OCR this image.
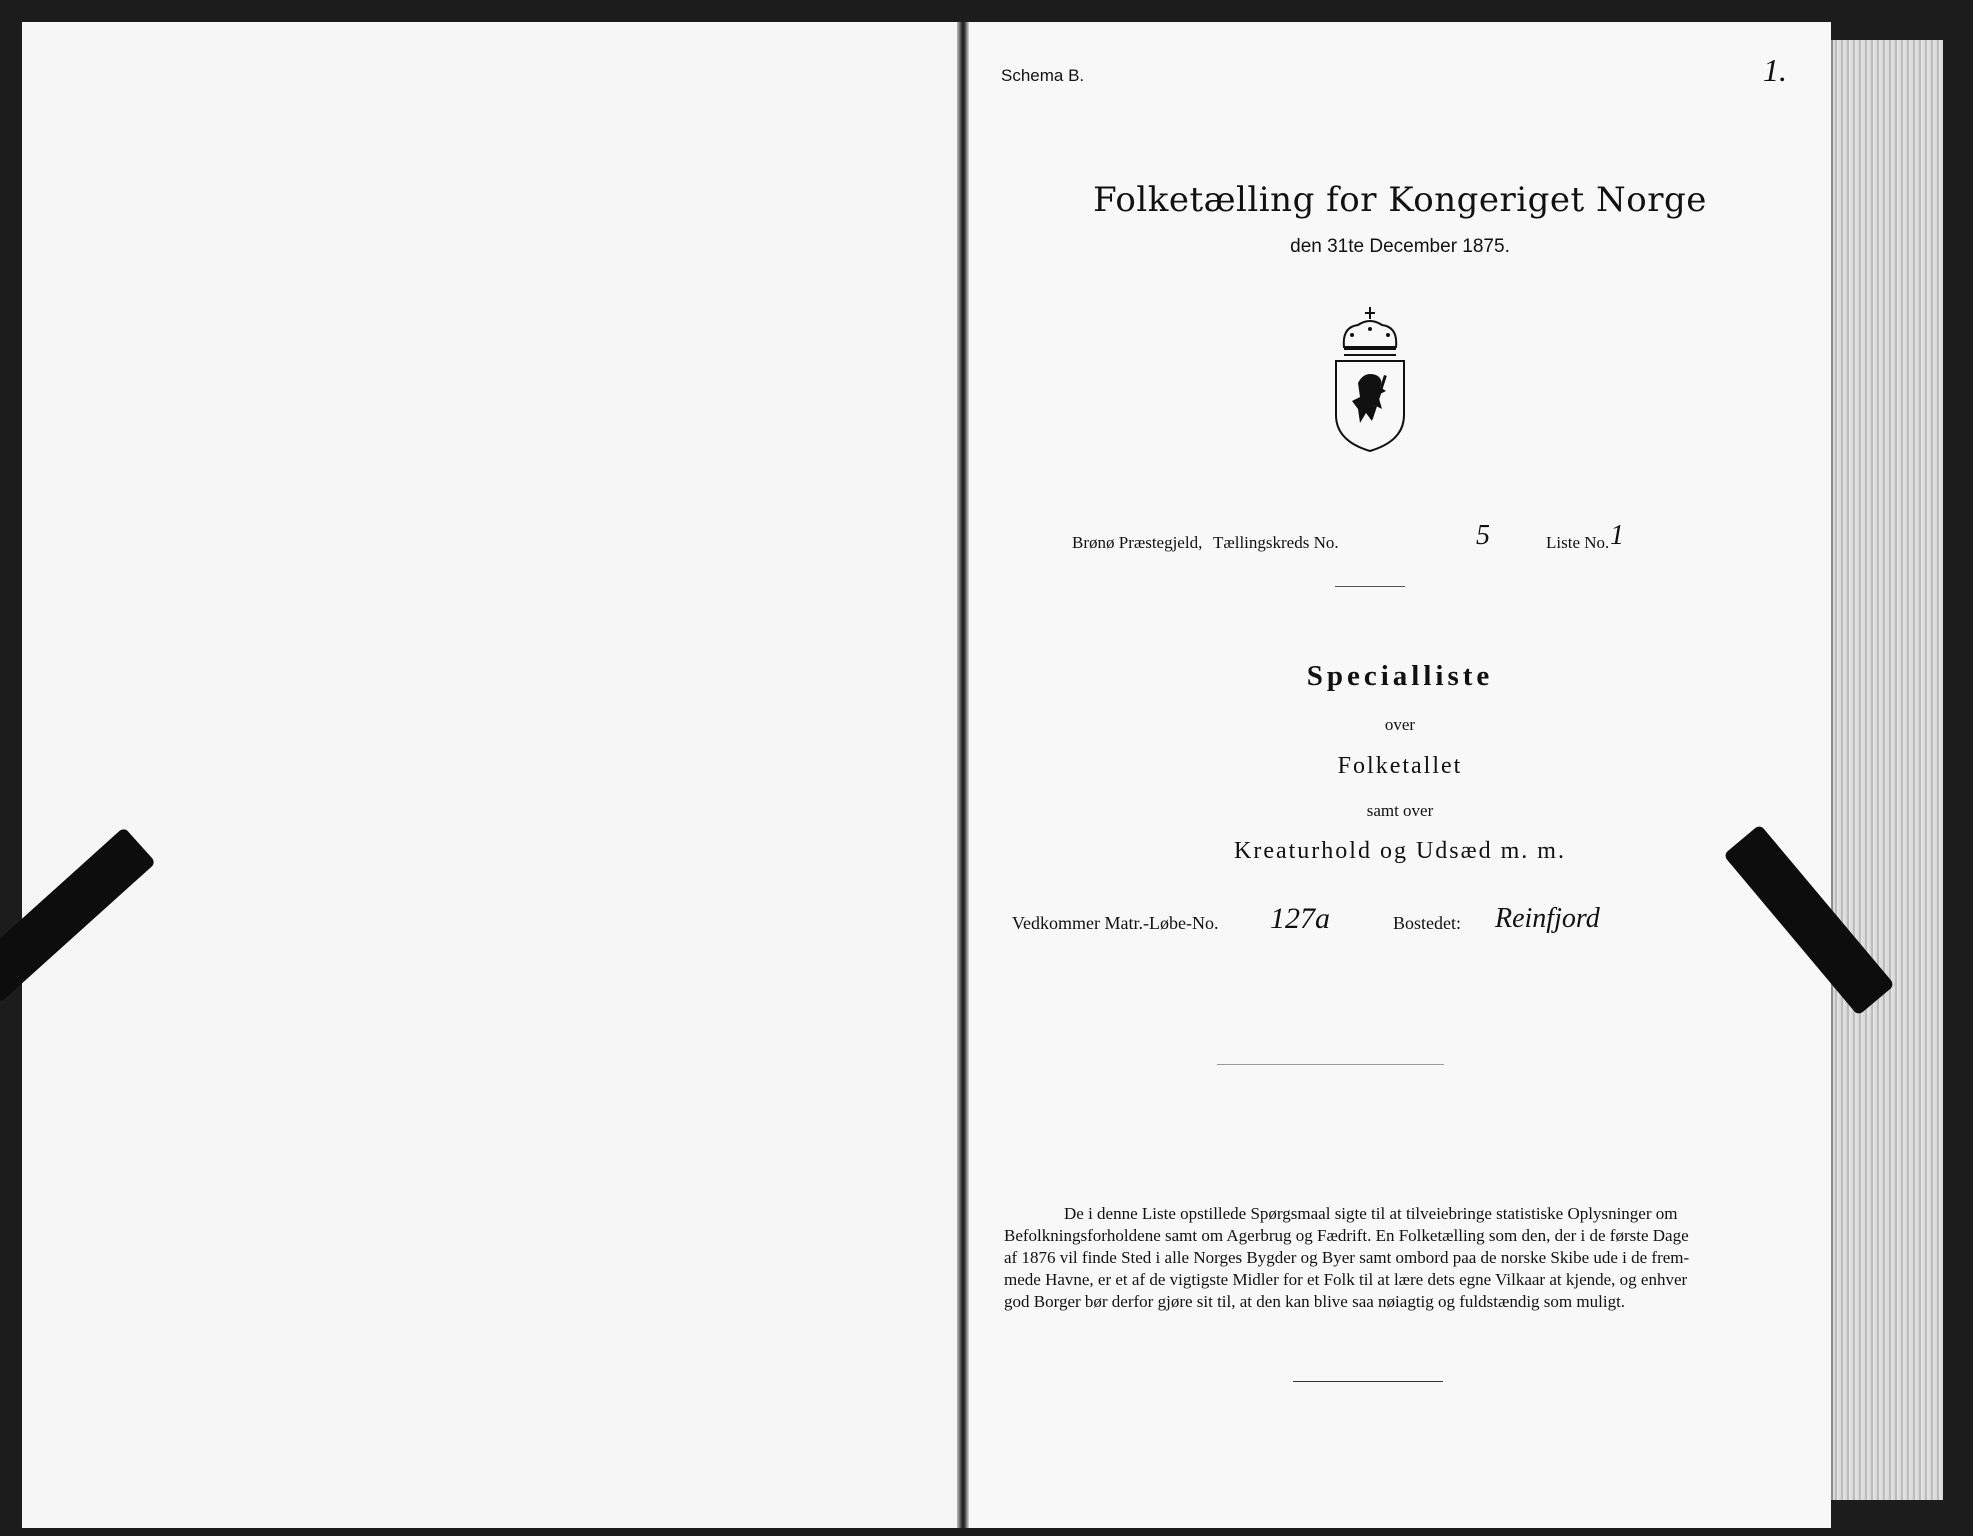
Schema B.	1.
Folketælling for Kongeriget Norge
den 31te December 1875.
Brønø Præstegjeld, Tællingskreds No.	5	Liste No. 1
Specialliste
over
Folketallet
samt over
Kreaturhold og Udsæd m. m.
Vedkommer Matr.-Løbe-No. 127a	Bostedet: Reinfjord
De i denne Liste opstillede Spørgsmaal sigte til at tilveiebringe statistiske Oplysninger om
Befolkningsforholdene samt om Agerbrug og Fædrift. En Folketælling som den, der i de første Dage
af 1876 vil finde Sted i alle Norges Bygder og Byer samt ombord paa de norske Skibe ude i de frem-
mede Havne, er et af de vigtigste Midler for et Folk til at lære dets egne Vilkaar at kjende, og enhver
god Borger bør derfor gjøre sit til, at den kan blive saa nøiagtig og fuldstændig som muligt.
